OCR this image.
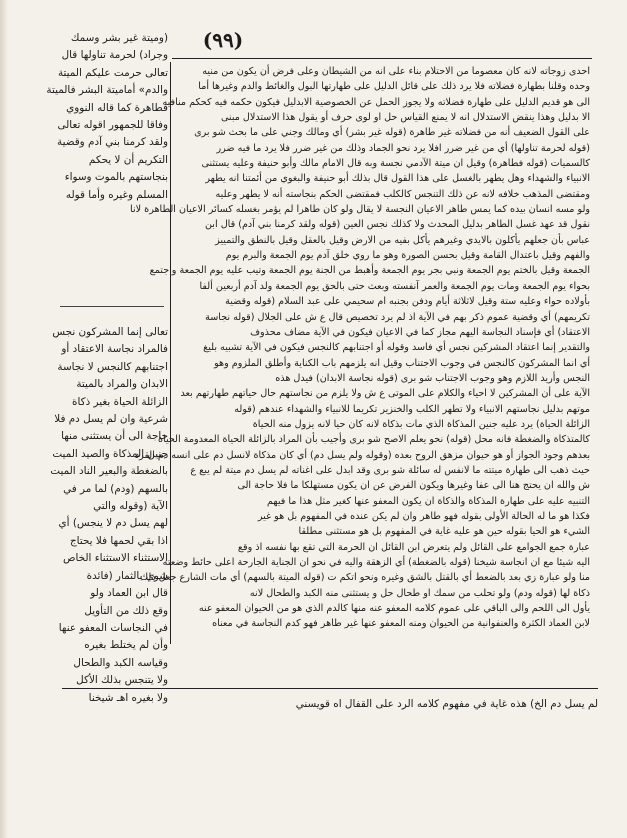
(٩٩)
(وميتة غير بشر وسمك
وجراد) لحرمة تناولها قال
تعالى حرمت عليكم الميتة
والدم» أماميتة البشر فالميتة
فطاهرة كما قاله النووي
وفاقا للجمهور اقوله تعالى
ولقد كرمنا بني آدم وقضية
التكريم أن لا يحكم
بنجاستهم بالموت وسواء
المسلم وغيره وأما قوله
تعالى إنما المشركون نجس
فالمراد نجاسة الاعتقاد أو
اجتنابهم كالنجس لا نجاسة
الابدان والمراد بالميتة
الزائلة الحياة بغير ذكاة
شرعية وان لم يسل دم فلا
حاجة الى أن يستثنى منها
جنين المذكاة والصيد الميت
بالضغطة والبعير الناد الميت
بالسهم (ودم) لما مر في
الآية (وقوله والتي
لهم يسل دم لا ينجس) أي
اذا بقي لحمها فلا يحتاج
الاستثناء الاستثناء الخاص
شوي بالثمار (فائدة
قال ابن العماد ولو
وقع ذلك من التأويل
في النجاسات المعفو عنها
وأن لم يختلط بغيره
وقياسه الكبد والطحال
ولا يتنجس بذلك الأكل
ولا بغيره اهـ شيخنا
احدى زوجاته لانه كان معصوما من الاحتلام بناء على انه من الشيطان وعلى فرض أن يكون من منيه
وحده وقلنا بطهارة فضلاته فلا يرد ذلك على قائل الدليل على طهارتها البول والغائط والدم وغيرها أما
الى هو قديم الدليل على طهارة فضلاته ولا يجوز الحمل عن الخصوصية الابدليل فيكون حكمه فيه كحكم منافيه
الا بدليل وهذا ينقض الاستدلال انه لا يمنع القياس حل او لوى حرف أو يقول هذا الاستدلال مبنى
على القول الضعيف أنه من فضلاته غير طاهرة (قوله غير بشر) أي ومالك وجني على ما بحث شو برى
(قوله لحرمة تناولها) أي من غير ضرر افلا يرد نحو الجماد وذلك من غير ضرر فلا يرد ما فيه ضرر
كالسميات (قوله فطاهرة) وقيل ان ميتة الآدمي نجسة وبه قال الامام مالك وأبو حنيفة وعليه يستثنى
الانبياء والشهداء وهل يطهر بالغسل على هذا القول قال بذلك أبو حنيفة والبغوي من أئمتنا انه يطهر
ومقتضى المذهب خلافه لانه عن ذلك التنجس كالكلب فمقتضى الحكم بنجاسته أنه لا يطهر وعليه
ولو مسه انسان بيده كما يمس طاهر الاعيان النجسة لا يقال ولو كان طاهرا لم يؤمر بغسله كسائر الاعيان الطاهرة لانا
نقول قد عهد غسل الطاهر بدليل المحدث ولا كذلك نجس العين (قوله ولقد كرمنا بني آدم) قال ابن
عباس بأن جعلهم يأكلون بالايدي وغيرهم يأكل بفيه من الارض وقيل بالعقل وقيل بالنطق والتمييز
والفهم وقيل باعتدال القامة وقيل بحسن الصورة وهو ما روي خلق آدم يوم الجمعة والبرم يوم
الجمعة وقيل بالختم يوم الجمعة ونبي بجر يوم الجمعة وأهبط من الجنة يوم الجمعة وتيب عليه يوم الجمعة واجتمع
بحواء يوم الجمعة ومات يوم الجمعة والعمر آنفسته وبعث حتى بالحق يوم الجمعة ولد آدم أربعين ألفا
بأولاده حواء وعليه ستة وقيل لاثلاثة أيام ودفن بجنبه ام سحيمي على عبد السلام (قوله وقضية
تكريمهم) أي وقضية عموم ذكر بهم في الآية اذ لم يرد تخصيص قال ع ش على الجلال (قوله نجاسة
الاعتقاد) أي فإسناد النجاسة اليهم مجاز كما في الاعيان فيكون في الآية مضاف محذوف
والتقدير إنما اعتقاد المشركين نجس أي فاسد وقوله أو اجتنابهم كالنجس فيكون في الآية تشبيه بليغ
أي انما المشركون كالنجس في وجوب الاجتناب وقيل انه يلزمهم باب الكناية وأطلق الملزوم وهو
النجس وأريد اللازم وهو وجوب الاجتناب شو برى (قوله نجاسة الابدان) فيدل هذه
الآية على أن المشركين لا احياء والكلام على الموتى ع ش ولا يلزم من نجاستهم حال حياتهم طهارتهم بعد
موتهم بدليل نجاستهم الانبياء ولا تطهر الكلب والخنزير تكريما للانبياء والشهداء عندهم (قوله
الزائلة الحياة) يرد عليه جنين المذكاة الذي مات بذكاة لانه كان حيا لانه يزول منه الحياة
كالمتذكاة والضغطة فانه محل (قوله) نحو يعلم الاصح شو برى وأجيب بأن المراد بالزائلة الحياة المعدومة الحياة
بعدهم وجود الجواز أو هو حيوان مزهق الروح بعده (وقوله ولم يسل دم) أي كان مذكاة لانسل دم على انسه دم القرد
حيث ذهب الى طهارة ميتته ما لانفس له سائلة شو برى وقد ابدل على اغناته لم يسل دم ميتة لم يبع ع
ش والله ان يحتج هنا الى عفا وغيرها ويكون الفرض عن ان يكون مستهلكا ما فلا حاجة الى
التنبيه عليه على طهارة المذكاة والذكاة ان يكون المعفو عنها كغير مثل هذا ما فيهم
فكذا هو ما له الحالة الأولى بقوله فهو طاهر وان لم يكن عنده في المفهوم بل هو غير
الشيء هو الحيا بقوله حين هو عليه غاية في المفهوم بل هو مستثنى مطلقا
عبارة جمع الجوامع على القائل ولم يتعرض ابن القائل ان الحرمة التي تقع بها نفسه اذ وقع
اليه شيئا مع ان انجاسة شيخنا (قوله بالضغطة) أي الزهقة واليه في نحو ان الجناية الجارحة اعلى حائط وضعته
منا ولو عبارة زي بعد بالضعط أي بالقتل بالشق وغيره ونحو اتكم ت (قوله الميتة بالسهم) أي مات الشارع جعل ذلك
ذكاة لها (قوله ودم) ولو تحلب من سمك او طحال حل و يستثنى منه الكبد والطحال لانه
يأول الى اللحم والى الباقي على عموم كلامه المعفو عنه منها كالدم الذي هو من الحيوان المعفو عنه
لابن العماد الكثرة والعنفوانية من الحيوان ومنه المعفو عنها غير طاهر فهو كدم النجاسة في معناه
لم يسل دم الخ) هذه غاية في مفهوم كلامه الرد على القفال اه قويسني
